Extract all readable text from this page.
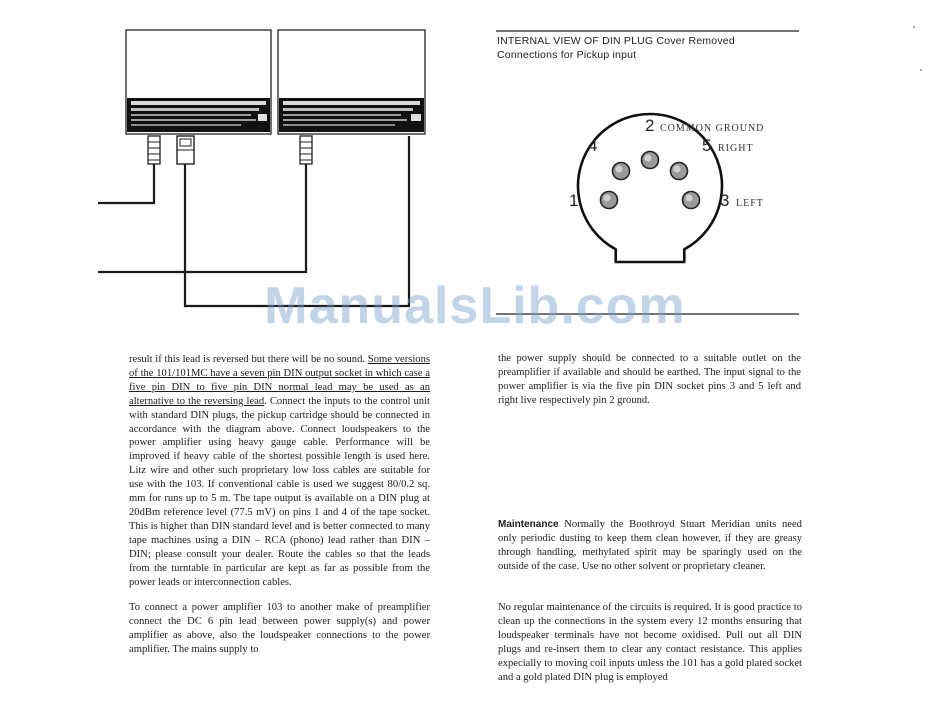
1
2 COMMON GROUND
3 LEFT
4	5 RIGHT
INTERNAL VIEW OF DIN PLUG Cover Removed
Connections for Pickup input
ManualsLib.com

result if this lead is reversed but there will be no sound. Some versions of the 101/101MC have a seven pin DIN output socket in which case a five pin DIN to five pin DIN normal lead may be used as an alternative to the reversing lead. Connect the inputs to the control unit with standard DIN plugs, the pickup cartridge should be connected in accordance with the diagram above. Connect loudspeakers to the power amplifier using heavy gauge cable. Performance will be improved if heavy cable of the shortest possible length is used here. Litz wire and other such proprietary low loss cables are suitable for use with the 103. If conventional cable is used we suggest 80/0.2 sq. mm for runs up to 5 m. The tape output is available on a DIN plug at 20dBm reference level (77.5 mV) on pins 1 and 4 of the tape socket. This is higher than DIN standard level and is better connected to many tape machines using a DIN – RCA (phono) lead rather than DIN – DIN; please consult your dealer. Route the cables so that the leads from the turntable in particular are kept as far as possible from the power leads or interconnection cables.

To connect a power amplifier 103 to another make of preamplifier connect the DC 6 pin lead between power supply(s) and power amplifier as above, also the loudspeaker connections to the power amplifier. The mains supply to

the power supply should be connected to a suitable outlet on the preamplifier if available and should be earthed. The input signal to the power amplifier is via the five pin DIN socket pins 3 and 5 left and right live respectively pin 2 ground.

Maintenance Normally the Boothroyd Stuart Meridian units need only periodic dusting to keep them clean however, if they are greasy through handling, methylated spirit may be sparingly used on the outside of the case. Use no other solvent or proprietary cleaner.

No regular maintenance of the circuits is required. It is good practice to clean up the connections in the system every 12 months ensuring that loudspeaker terminals have not become oxidised. Pull out all DIN plugs and re-insert them to clear any contact resistance. This applies expecially to moving coil inputs unless the 101 has a gold plated socket and a gold plated DIN plug is employed
